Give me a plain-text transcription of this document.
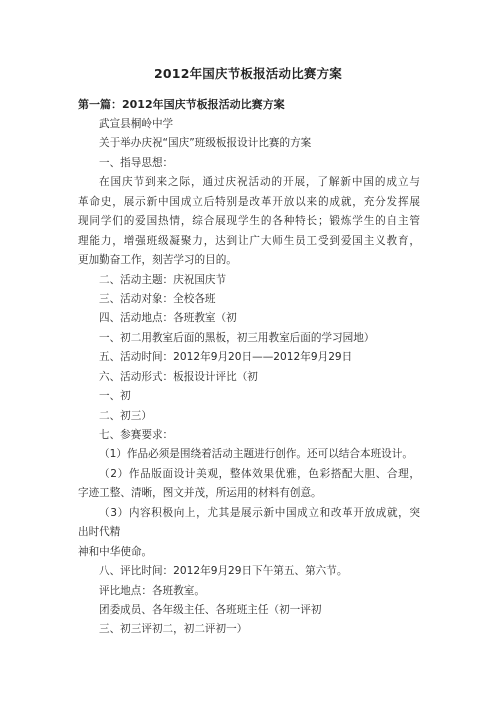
2012年国庆节板报活动比赛方案
第一篇：2012年国庆节板报活动比赛方案
武宣县桐岭中学
关于举办庆祝“国庆”班级板报设计比赛的方案
一、指导思想：
在国庆节到来之际，通过庆祝活动的开展，了解新中国的成立与
革命史，展示新中国成立后特别是改革开放以来的成就，充分发挥展
现同学们的爱国热情，综合展现学生的各种特长；锻炼学生的自主管
理能力，增强班级凝聚力，达到让广大师生员工受到爱国主义教育，
更加勤奋工作，刻苦学习的目的。
二、活动主题：庆祝国庆节
三、活动对象：全校各班
四、活动地点：各班教室（初
一、初二用教室后面的黑板，初三用教室后面的学习园地）
五、活动时间：2012年9月20日——2012年9月29日
六、活动形式：板报设计评比（初
一、初
二、初三）
七、参赛要求：
（1）作品必须是围绕着活动主题进行创作。还可以结合本班设计。
（2）作品版面设计美观，整体效果优雅，色彩搭配大胆、合理，
字迹工整、清晰，图文并茂，所运用的材料有创意。
（3）内容积极向上，尤其是展示新中国成立和改革开放成就，突
出时代精
神和中华使命。
八、评比时间：2012年9月29日下午第五、第六节。
评比地点：各班教室。
团委成员、各年级主任、各班班主任（初一评初
三、初三评初二，初二评初一）
